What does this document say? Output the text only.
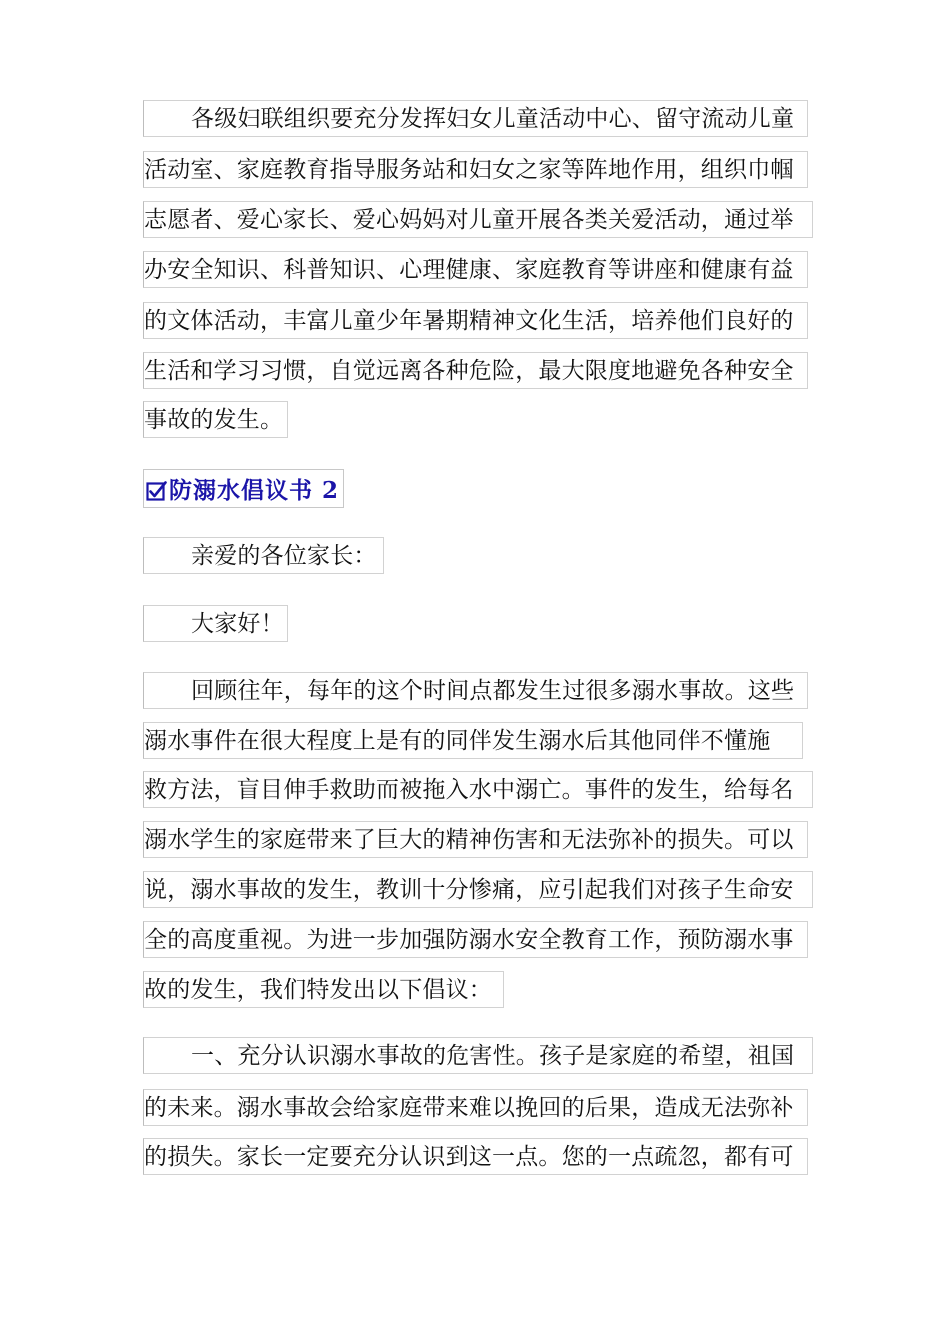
各级妇联组织要充分发挥妇女儿童活动中心、留守流动儿童
活动室、家庭教育指导服务站和妇女之家等阵地作用，组织巾帼
志愿者、爱心家长、爱心妈妈对儿童开展各类关爱活动，通过举
办安全知识、科普知识、心理健康、家庭教育等讲座和健康有益
的文体活动，丰富儿童少年暑期精神文化生活，培养他们良好的
生活和学习习惯，自觉远离各种危险，最大限度地避免各种安全
事故的发生。
防溺水倡议书 2
亲爱的各位家长：
大家好！
回顾往年，每年的这个时间点都发生过很多溺水事故。这些
溺水事件在很大程度上是有的同伴发生溺水后其他同伴不懂施
救方法，盲目伸手救助而被拖入水中溺亡。事件的发生，给每名
溺水学生的家庭带来了巨大的精神伤害和无法弥补的损失。可以
说，溺水事故的发生，教训十分惨痛，应引起我们对孩子生命安
全的高度重视。为进一步加强防溺水安全教育工作，预防溺水事
故的发生，我们特发出以下倡议：
一、充分认识溺水事故的危害性。孩子是家庭的希望，祖国
的未来。溺水事故会给家庭带来难以挽回的后果，造成无法弥补
的损失。家长一定要充分认识到这一点。您的一点疏忽，都有可
